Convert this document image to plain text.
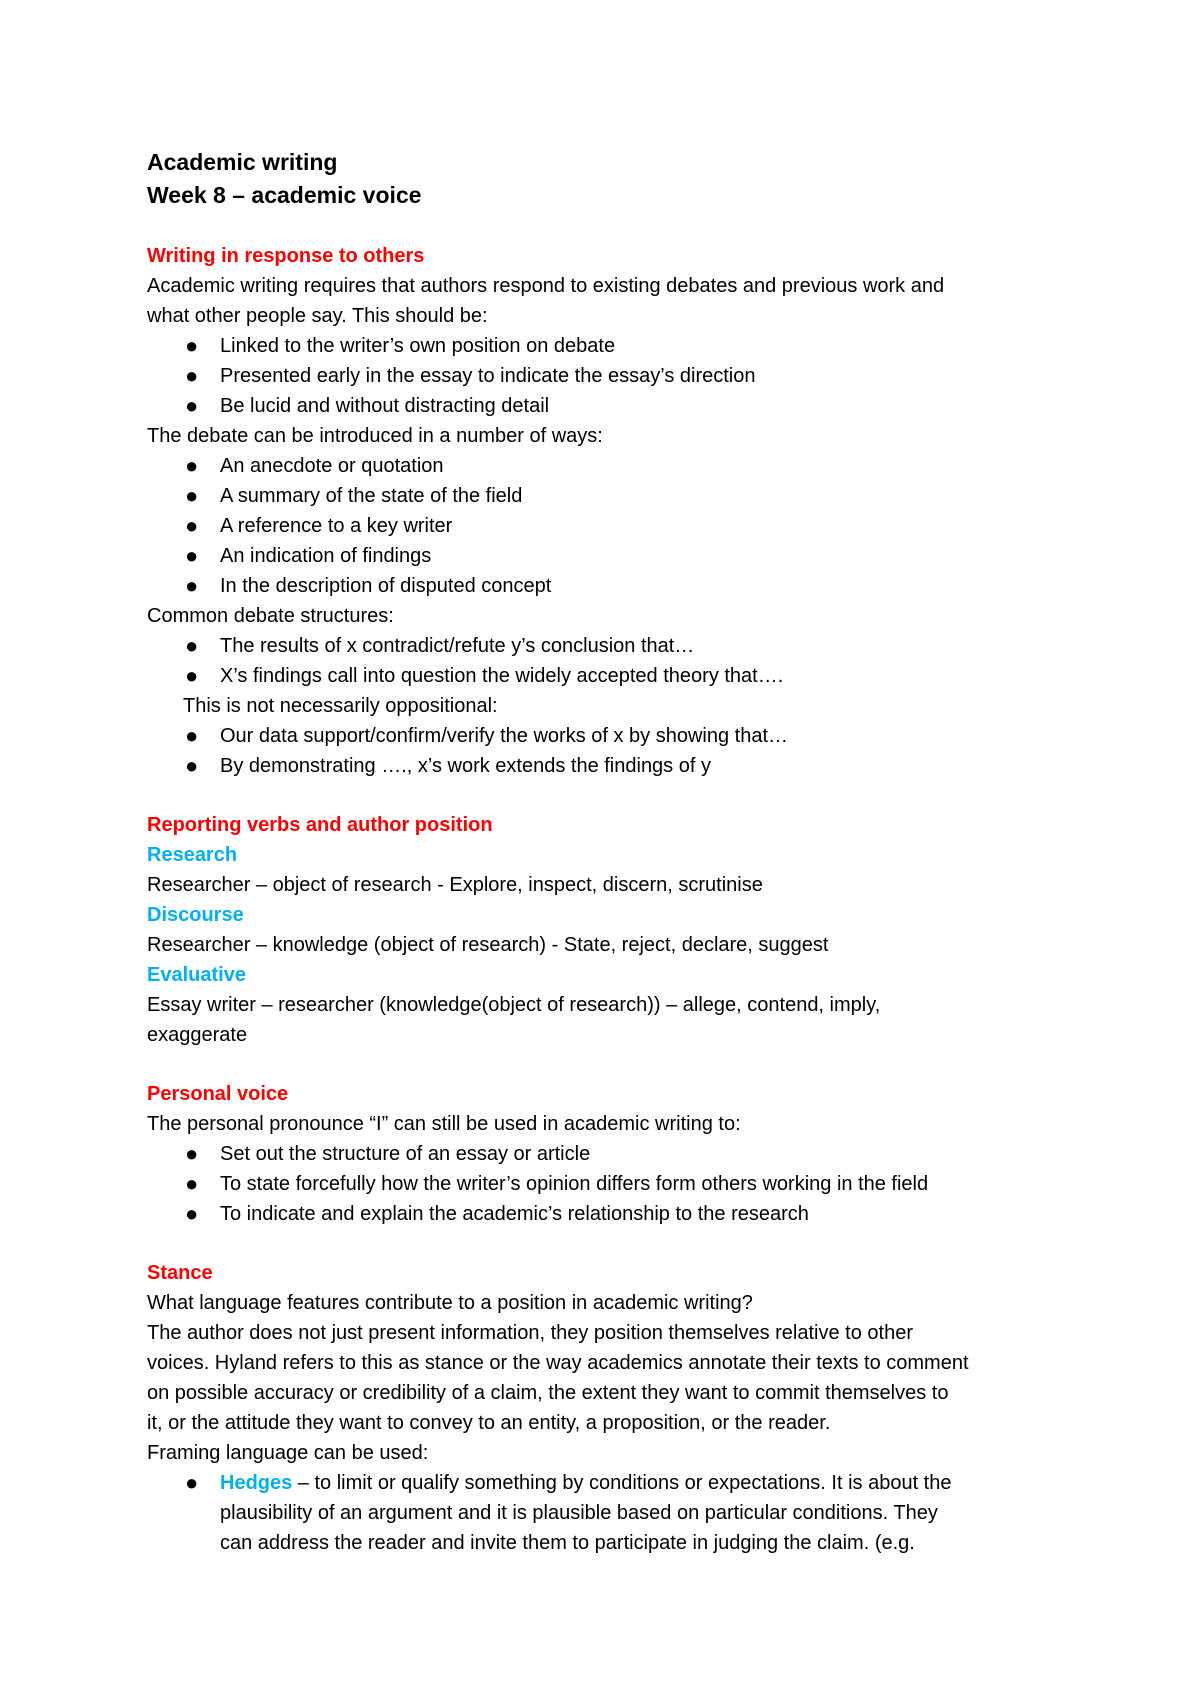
Academic writing
Week 8 – academic voice
Writing in response to others
Academic writing requires that authors respond to existing debates and previous work and
what other people say. This should be:
● Linked to the writer’s own position on debate
● Presented early in the essay to indicate the essay’s direction
● Be lucid and without distracting detail
The debate can be introduced in a number of ways:
● An anecdote or quotation
● A summary of the state of the field
● A reference to a key writer
● An indication of findings
● In the description of disputed concept
Common debate structures:
● The results of x contradict/refute y’s conclusion that…
● X’s findings call into question the widely accepted theory that….
This is not necessarily oppositional:
● Our data support/confirm/verify the works of x by showing that…
● By demonstrating …., x’s work extends the findings of y
Reporting verbs and author position
Research
Researcher – object of research - Explore, inspect, discern, scrutinise
Discourse
Researcher – knowledge (object of research) - State, reject, declare, suggest
Evaluative
Essay writer – researcher (knowledge(object of research)) – allege, contend, imply,
exaggerate
Personal voice
The personal pronounce “I” can still be used in academic writing to:
● Set out the structure of an essay or article
● To state forcefully how the writer’s opinion differs form others working in the field
● To indicate and explain the academic’s relationship to the research
Stance
What language features contribute to a position in academic writing?
The author does not just present information, they position themselves relative to other
voices. Hyland refers to this as stance or the way academics annotate their texts to comment
on possible accuracy or credibility of a claim, the extent they want to commit themselves to
it, or the attitude they want to convey to an entity, a proposition, or the reader.
Framing language can be used:
● Hedges – to limit or qualify something by conditions or expectations. It is about the
plausibility of an argument and it is plausible based on particular conditions. They
can address the reader and invite them to participate in judging the claim. (e.g.
